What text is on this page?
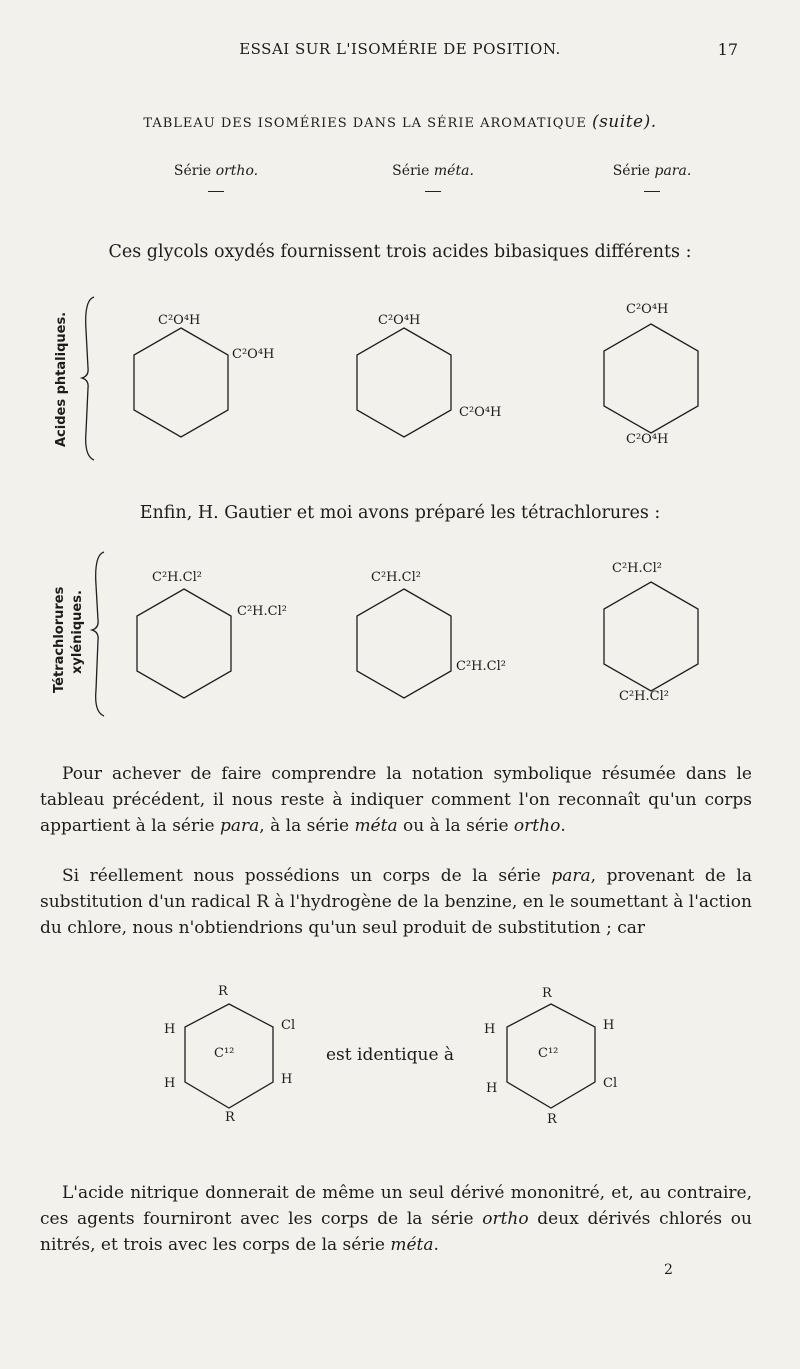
ESSAI SUR L'ISOMÉRIE DE POSITION.	17
TABLEAU DES ISOMÉRIES DANS LA SÉRIE AROMATIQUE (suite).
Série ortho.	Série méta.	Série para.
Ces glycols oxydés fournissent trois acides bibasiques différents :
Acides phtaliques.	C²O⁴H
C²O⁴H
C²O⁴H
C²O⁴H
C²O⁴H
C²O⁴H
Enfin, H. Gautier et moi avons préparé les tétrachlorures :
Tétrachlorures xyléniques.
C²H.Cl²
C²H.Cl²
C²H.Cl²
C²H.Cl²
C²H.Cl²
C²H.Cl²
Pour achever de faire comprendre la notation symbolique résumée dans le tableau précédent, il nous reste à indiquer comment l'on reconnaît qu'un corps appartient à la série para, à la série méta ou à la série ortho.
Si réellement nous possédions un corps de la série para, provenant de la substitution d'un radical R à l'hydrogène de la benzine, en le soumettant à l'action du chlore, nous n'obtiendrions qu'un seul produit de substitution ; car
R
H	Cl
C¹²
H	H
R
est identique à
R
H	H
C¹²
H	Cl
R
L'acide nitrique donnerait de même un seul dérivé mononitré, et, au contraire, ces agents fourniront avec les corps de la série ortho deux dérivés chlorés ou nitrés, et trois avec les corps de la série méta.
2
